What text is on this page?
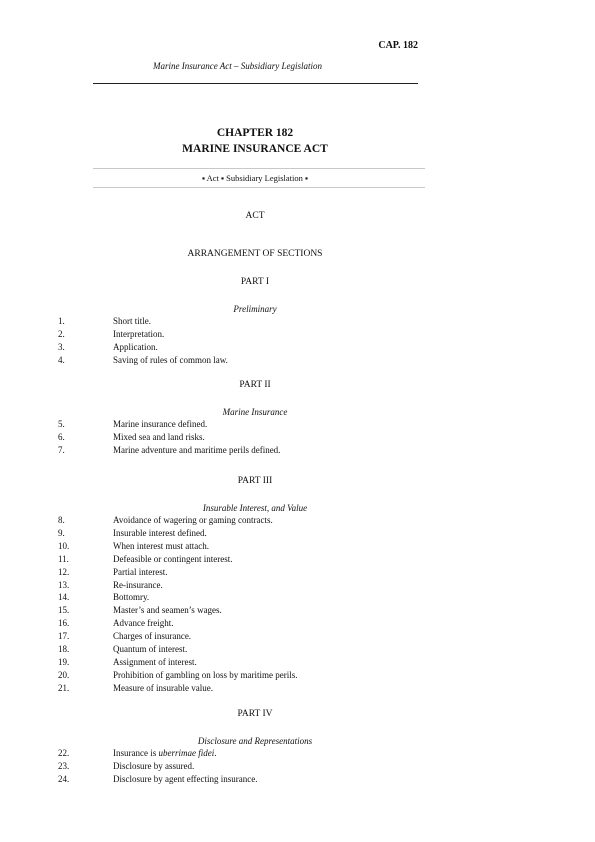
CAP. 182
Marine Insurance Act – Subsidiary Legislation
CHAPTER 182
MARINE INSURANCE ACT
▪ Act ▪ Subsidiary Legislation ▪
ACT
ARRANGEMENT OF SECTIONS
PART I
Preliminary
1.	Short title.
2.	Interpretation.
3.	Application.
4.	Saving of rules of common law.
PART II
Marine Insurance
5.	Marine insurance defined.
6.	Mixed sea and land risks.
7.	Marine adventure and maritime perils defined.
PART III
Insurable Interest, and Value
8.	Avoidance of wagering or gaming contracts.
9.	Insurable interest defined.
10.	When interest must attach.
11.	Defeasible or contingent interest.
12.	Partial interest.
13.	Re-insurance.
14.	Bottomry.
15.	Master’s and seamen’s wages.
16.	Advance freight.
17.	Charges of insurance.
18.	Quantum of interest.
19.	Assignment of interest.
20.	Prohibition of gambling on loss by maritime perils.
21.	Measure of insurable value.
PART IV
Disclosure and Representations
22.	Insurance is uberrimae fidei.
23.	Disclosure by assured.
24.	Disclosure by agent effecting insurance.
